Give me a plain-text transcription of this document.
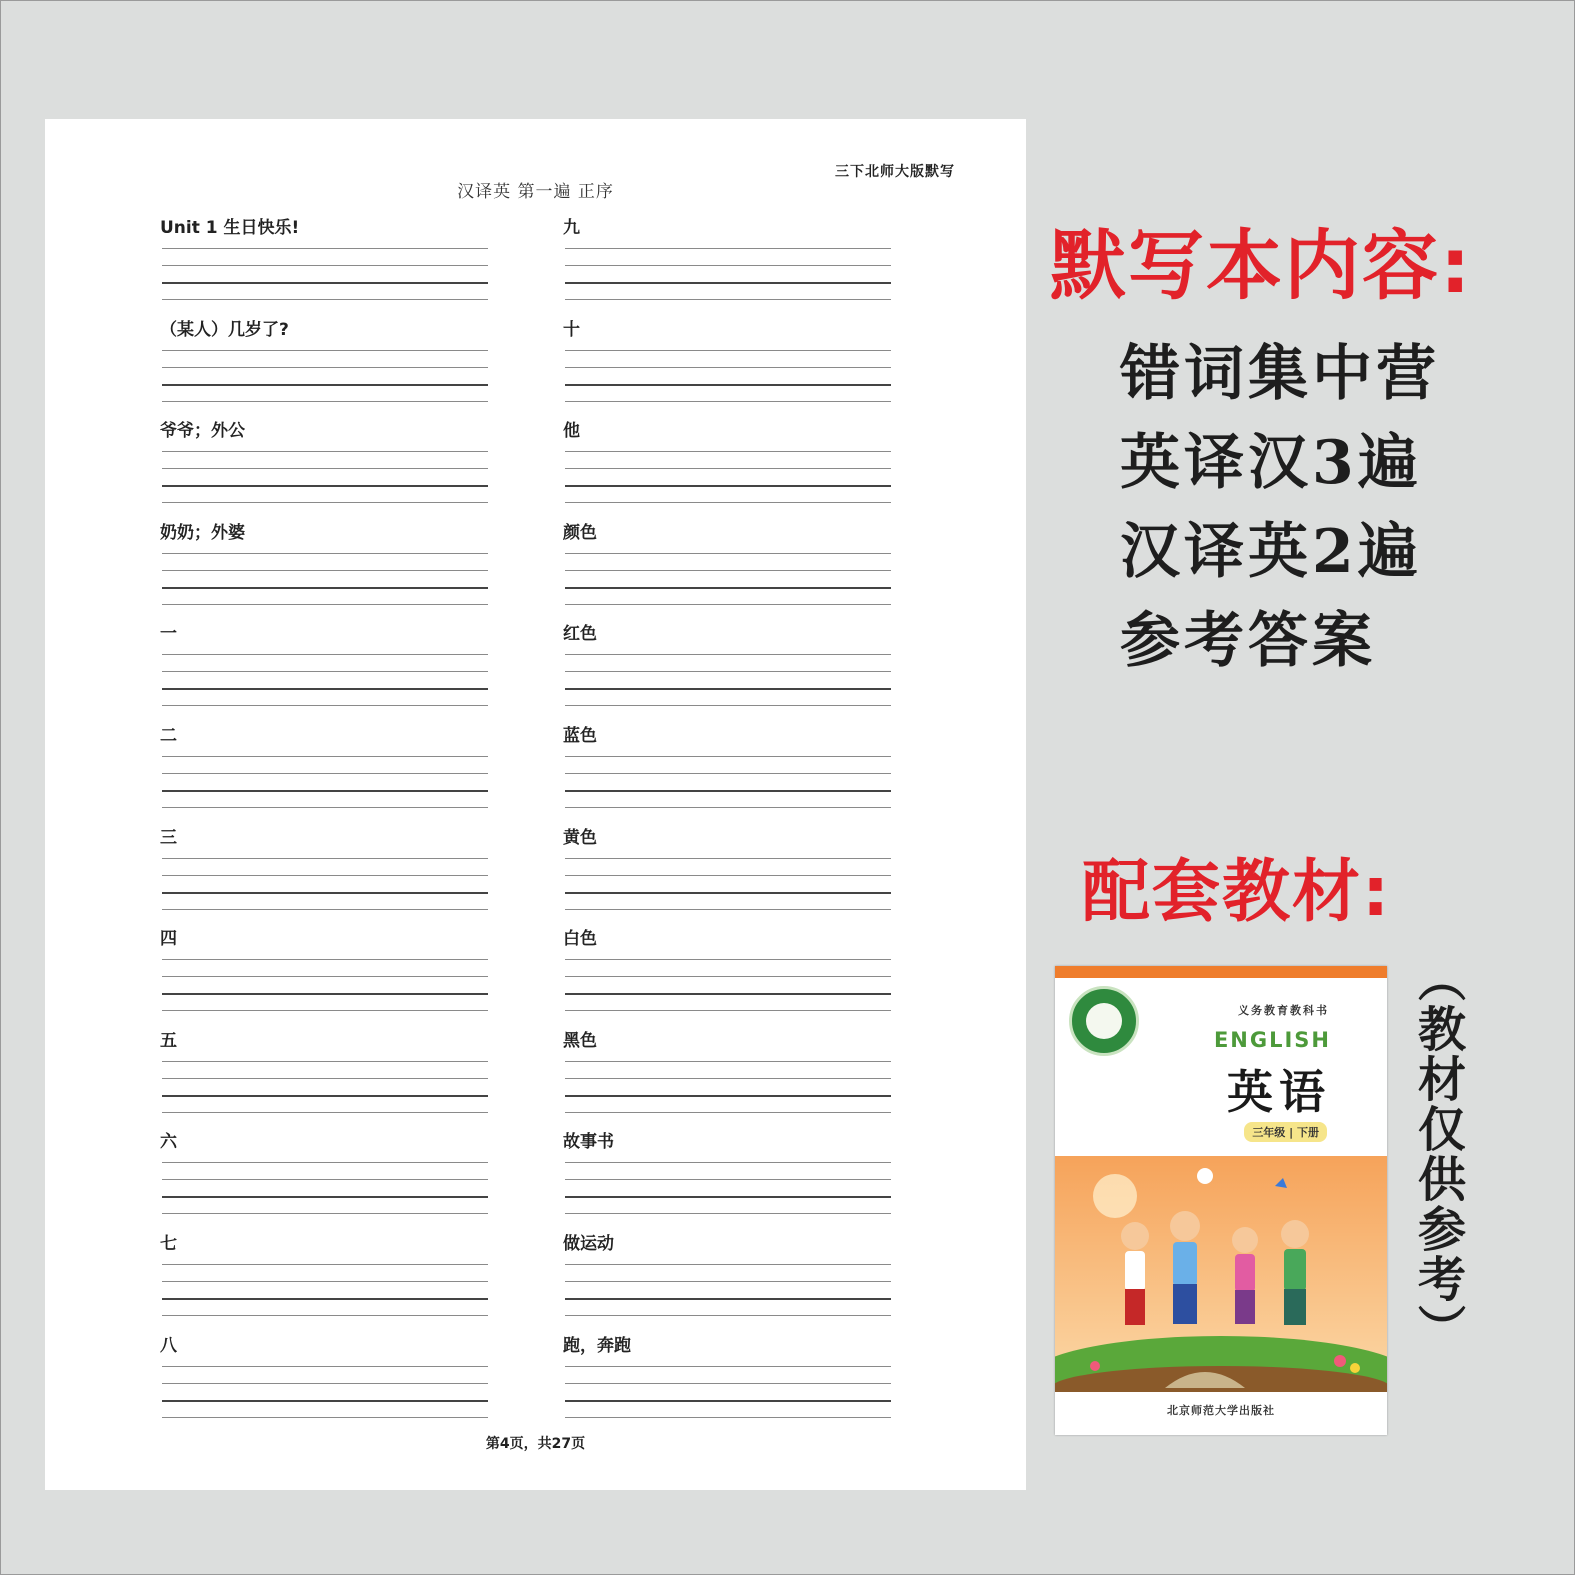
三下北师大版默写
汉译英 第一遍 正序
Unit 1 生日快乐!
（某人）几岁了?
爷爷；外公
奶奶；外婆
一
二
三
四
五
六
七
八
九
十
他
颜色
红色
蓝色
黄色
白色
黑色
故事书
做运动
跑，奔跑
第4页，共27页
默写本内容:
错词集中营
英译汉3遍
汉译英2遍
参考答案
配套教材:
义务教育教科书
ENGLISH
英语
三年级 | 下册
北京师范大学出版社
︵
教
材
仅
供
参
考
︶
